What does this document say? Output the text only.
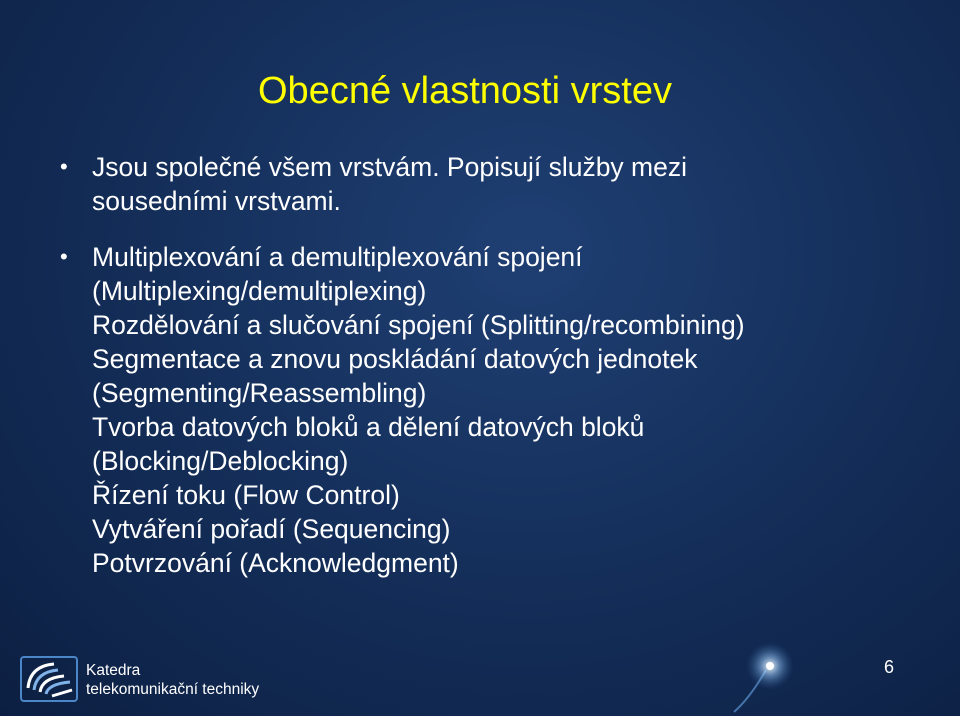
Obecné vlastnosti vrstev
• Jsou společné všem vrstvám. Popisují služby mezi
sousedními vrstvami.
• Multiplexování a demultiplexování spojení
(Multiplexing/demultiplexing)
Rozdělování a slučování spojení (Splitting/recombining)
Segmentace a znovu poskládání datových jednotek
(Segmenting/Reassembling)
Tvorba datových bloků a dělení datových bloků
(Blocking/Deblocking)
Řízení toku (Flow Control)
Vytváření pořadí (Sequencing)
Potvrzování (Acknowledgment)
Katedra
telekomunikační techniky
6
